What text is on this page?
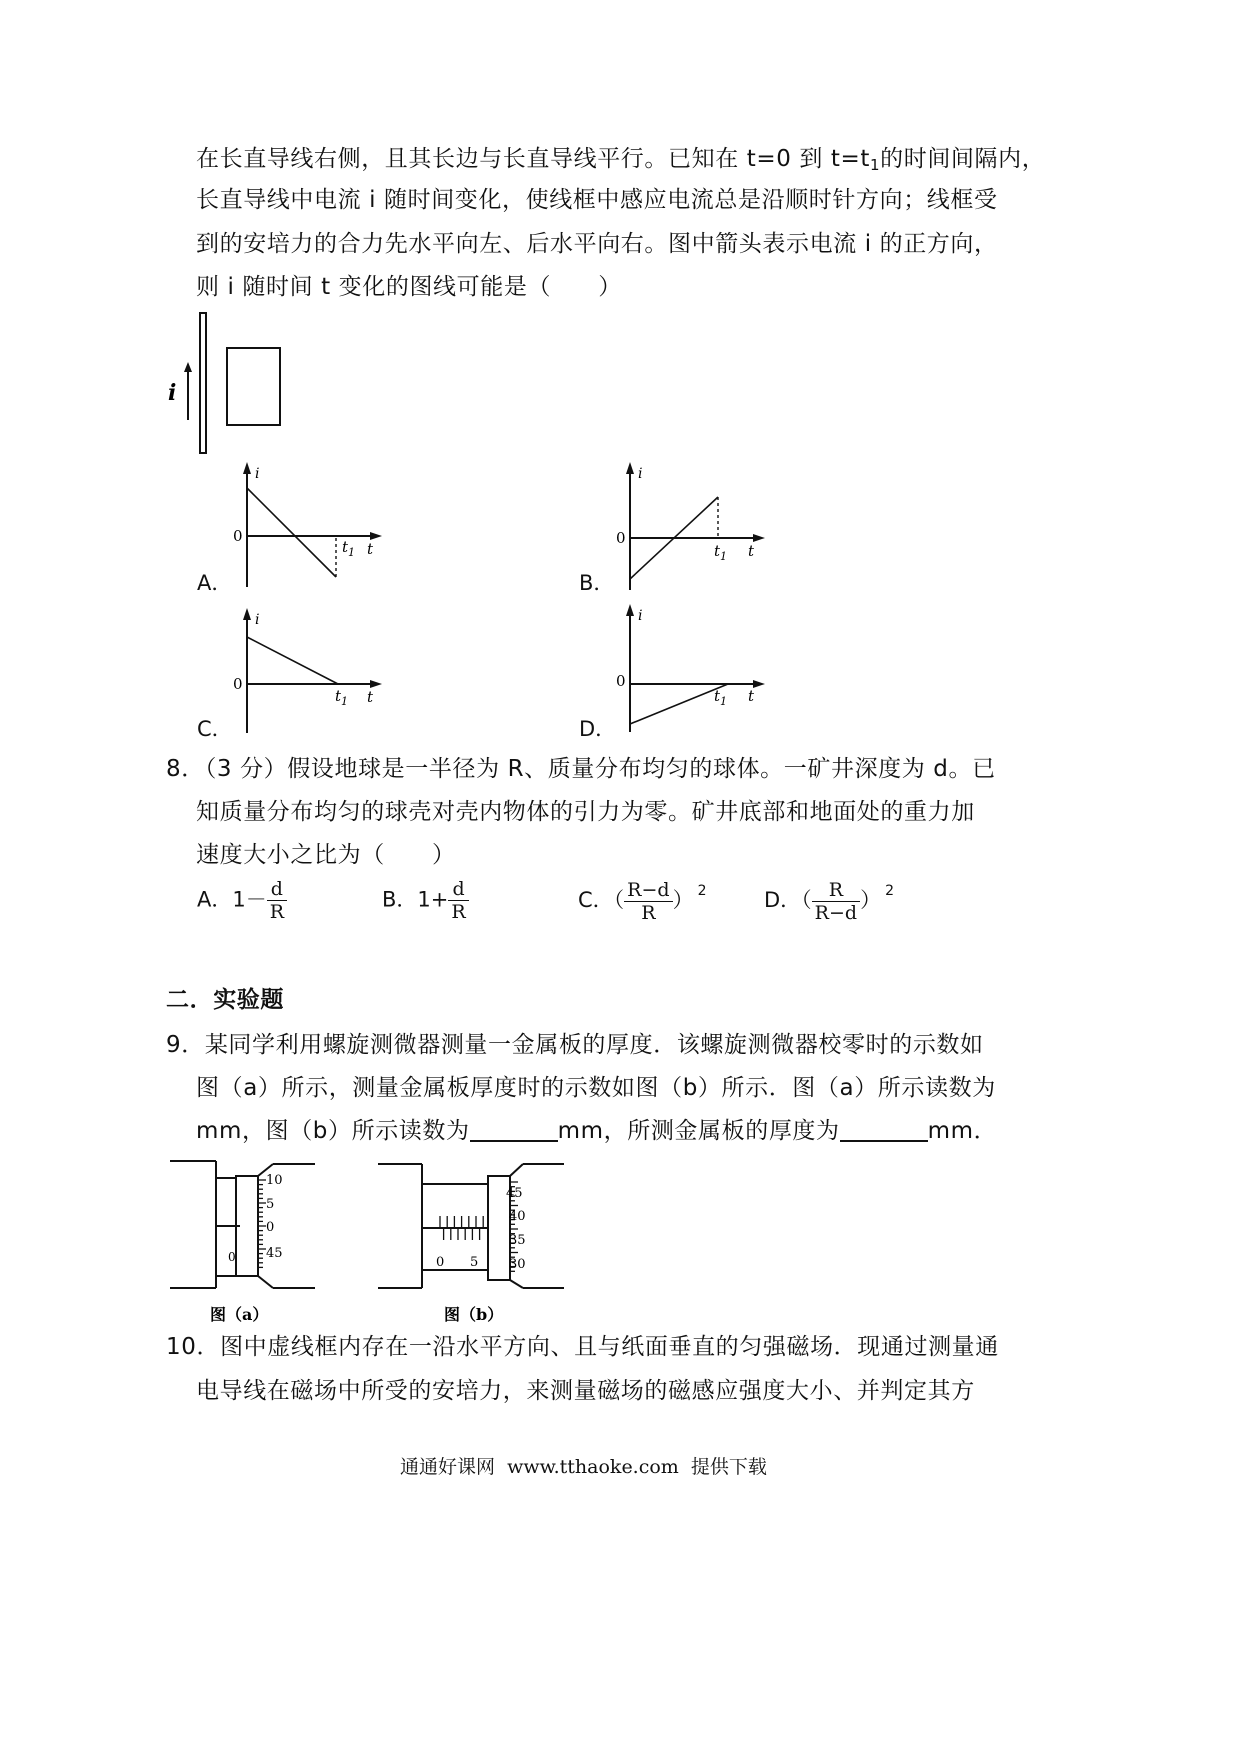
在长直导线右侧，且其长边与长直导线平行。已知在 t=0 到 $t=t_1$的时间间隔内，
长直导线中电流 i 随时间变化，使线框中感应电流总是沿顺时针方向；线框受
到的安培力的合力先水平向左、后水平向右。图中箭头表示电流 i 的正方向，
则 i 随时间 t 变化的图线可能是（　　）
i
i
0
t
$t_1$
A．
i
0
t
$t_1$
B．
i
0
t
$t_1$
C．
i
0
t
$t_1$
D．
8．（3 分）假设地球是一半径为 R、质量分布均匀的球体。一矿井深度为 d。已
知质量分布均匀的球壳对壳内物体的引力为零。矿井底部和地面处的重力加
速度大小之比为（　　）
A．$1- \frac{d}{R}$	B．$1+ \frac{d}{R}$	C．（ $\frac{R-d}{R}$ ） $^2$	D．（ $\frac{R}{R-d}$ ） $^2$
二．实验题
9．某同学利用螺旋测微器测量一金属板的厚度．该螺旋测微器校零时的示数如
图（a）所示，测量金属板厚度时的示数如图（b）所示．图（a）所示读数为
mm，图（b）所示读数为	mm，所测金属板的厚度为	mm．
10
5
0
45
0
图（a）
0 5
45
40
35
30
图（b）
10．图中虚线框内存在一沿水平方向、且与纸面垂直的匀强磁场．现通过测量通
电导线在磁场中所受的安培力，来测量磁场的磁感应强度大小、并判定其方
通通好课网  www.tthaoke.com  提供下载
